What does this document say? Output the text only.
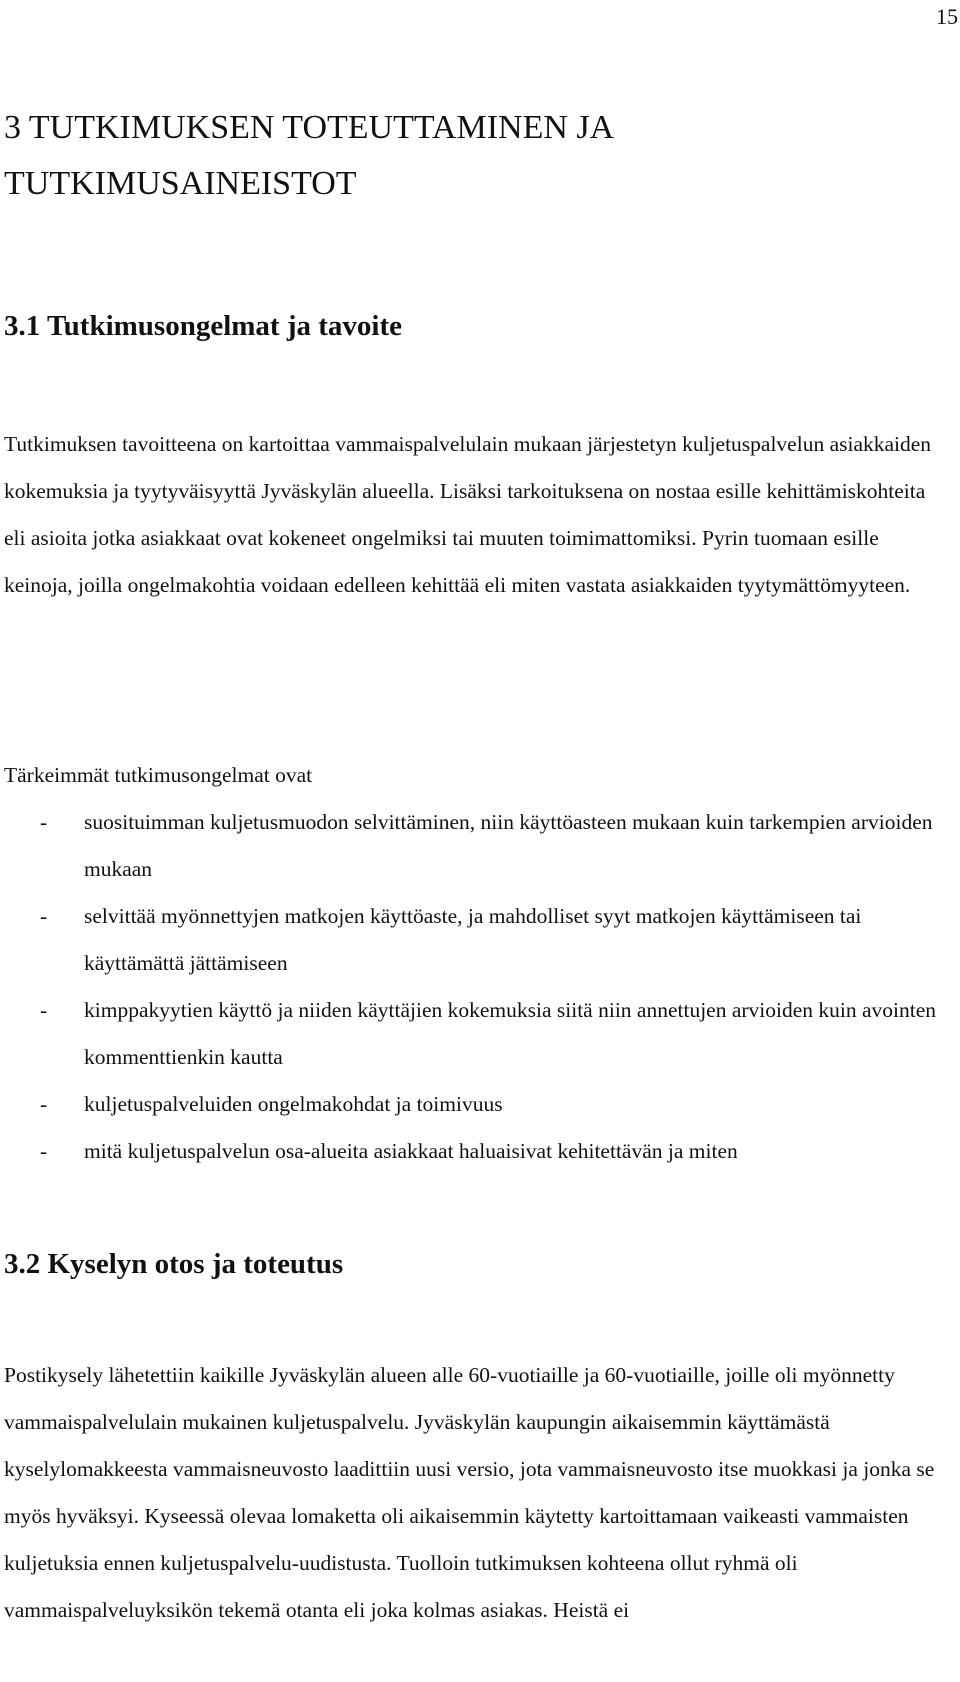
15
3 TUTKIMUKSEN TOTEUTTAMINEN JA TUTKIMUSAINEISTOT
3.1 Tutkimusongelmat ja tavoite

Tutkimuksen tavoitteena on kartoittaa vammaispalvelulain mukaan järjestetyn kuljetuspalvelun asiakkaiden kokemuksia ja tyytyväisyyttä Jyväskylän alueella. Lisäksi tarkoituksena on nostaa esille kehittämiskohteita eli asioita jotka asiakkaat ovat kokeneet ongelmiksi tai muuten toimimattomiksi. Pyrin tuomaan esille keinoja, joilla ongelmakohtia voidaan edelleen kehittää eli miten vastata asiakkaiden tyytymättömyyteen.

Tärkeimmät tutkimusongelmat ovat

- suosituimman kuljetusmuodon selvittäminen, niin käyttöasteen mukaan kuin tarkempien arvioiden mukaan
- selvittää myönnettyjen matkojen käyttöaste, ja mahdolliset syyt matkojen käyttämiseen tai käyttämättä jättämiseen
- kimppakyytien käyttö ja niiden käyttäjien kokemuksia siitä niin annettujen arvioiden kuin avointen kommenttienkin kautta
- kuljetuspalveluiden ongelmakohdat ja toimivuus
- mitä kuljetuspalvelun osa-alueita asiakkaat haluaisivat kehitettävän ja miten
3.2 Kyselyn otos ja toteutus

Postikysely lähetettiin kaikille Jyväskylän alueen alle 60-vuotiaille ja 60-vuotiaille, joille oli myönnetty vammaispalvelulain mukainen kuljetuspalvelu. Jyväskylän kaupungin aikaisemmin käyttämästä kyselylomakkeesta vammaisneuvosto laadittiin uusi versio, jota vammaisneuvosto itse muokkasi ja jonka se myös hyväksyi. Kyseessä olevaa lomaketta oli aikaisemmin käytetty kartoittamaan vaikeasti vammaisten kuljetuksia ennen kuljetuspalvelu-uudistusta. Tuolloin tutkimuksen kohteena ollut ryhmä oli vammaispalveluyksikön tekemä otanta eli joka kolmas asiakas. Heistä ei
